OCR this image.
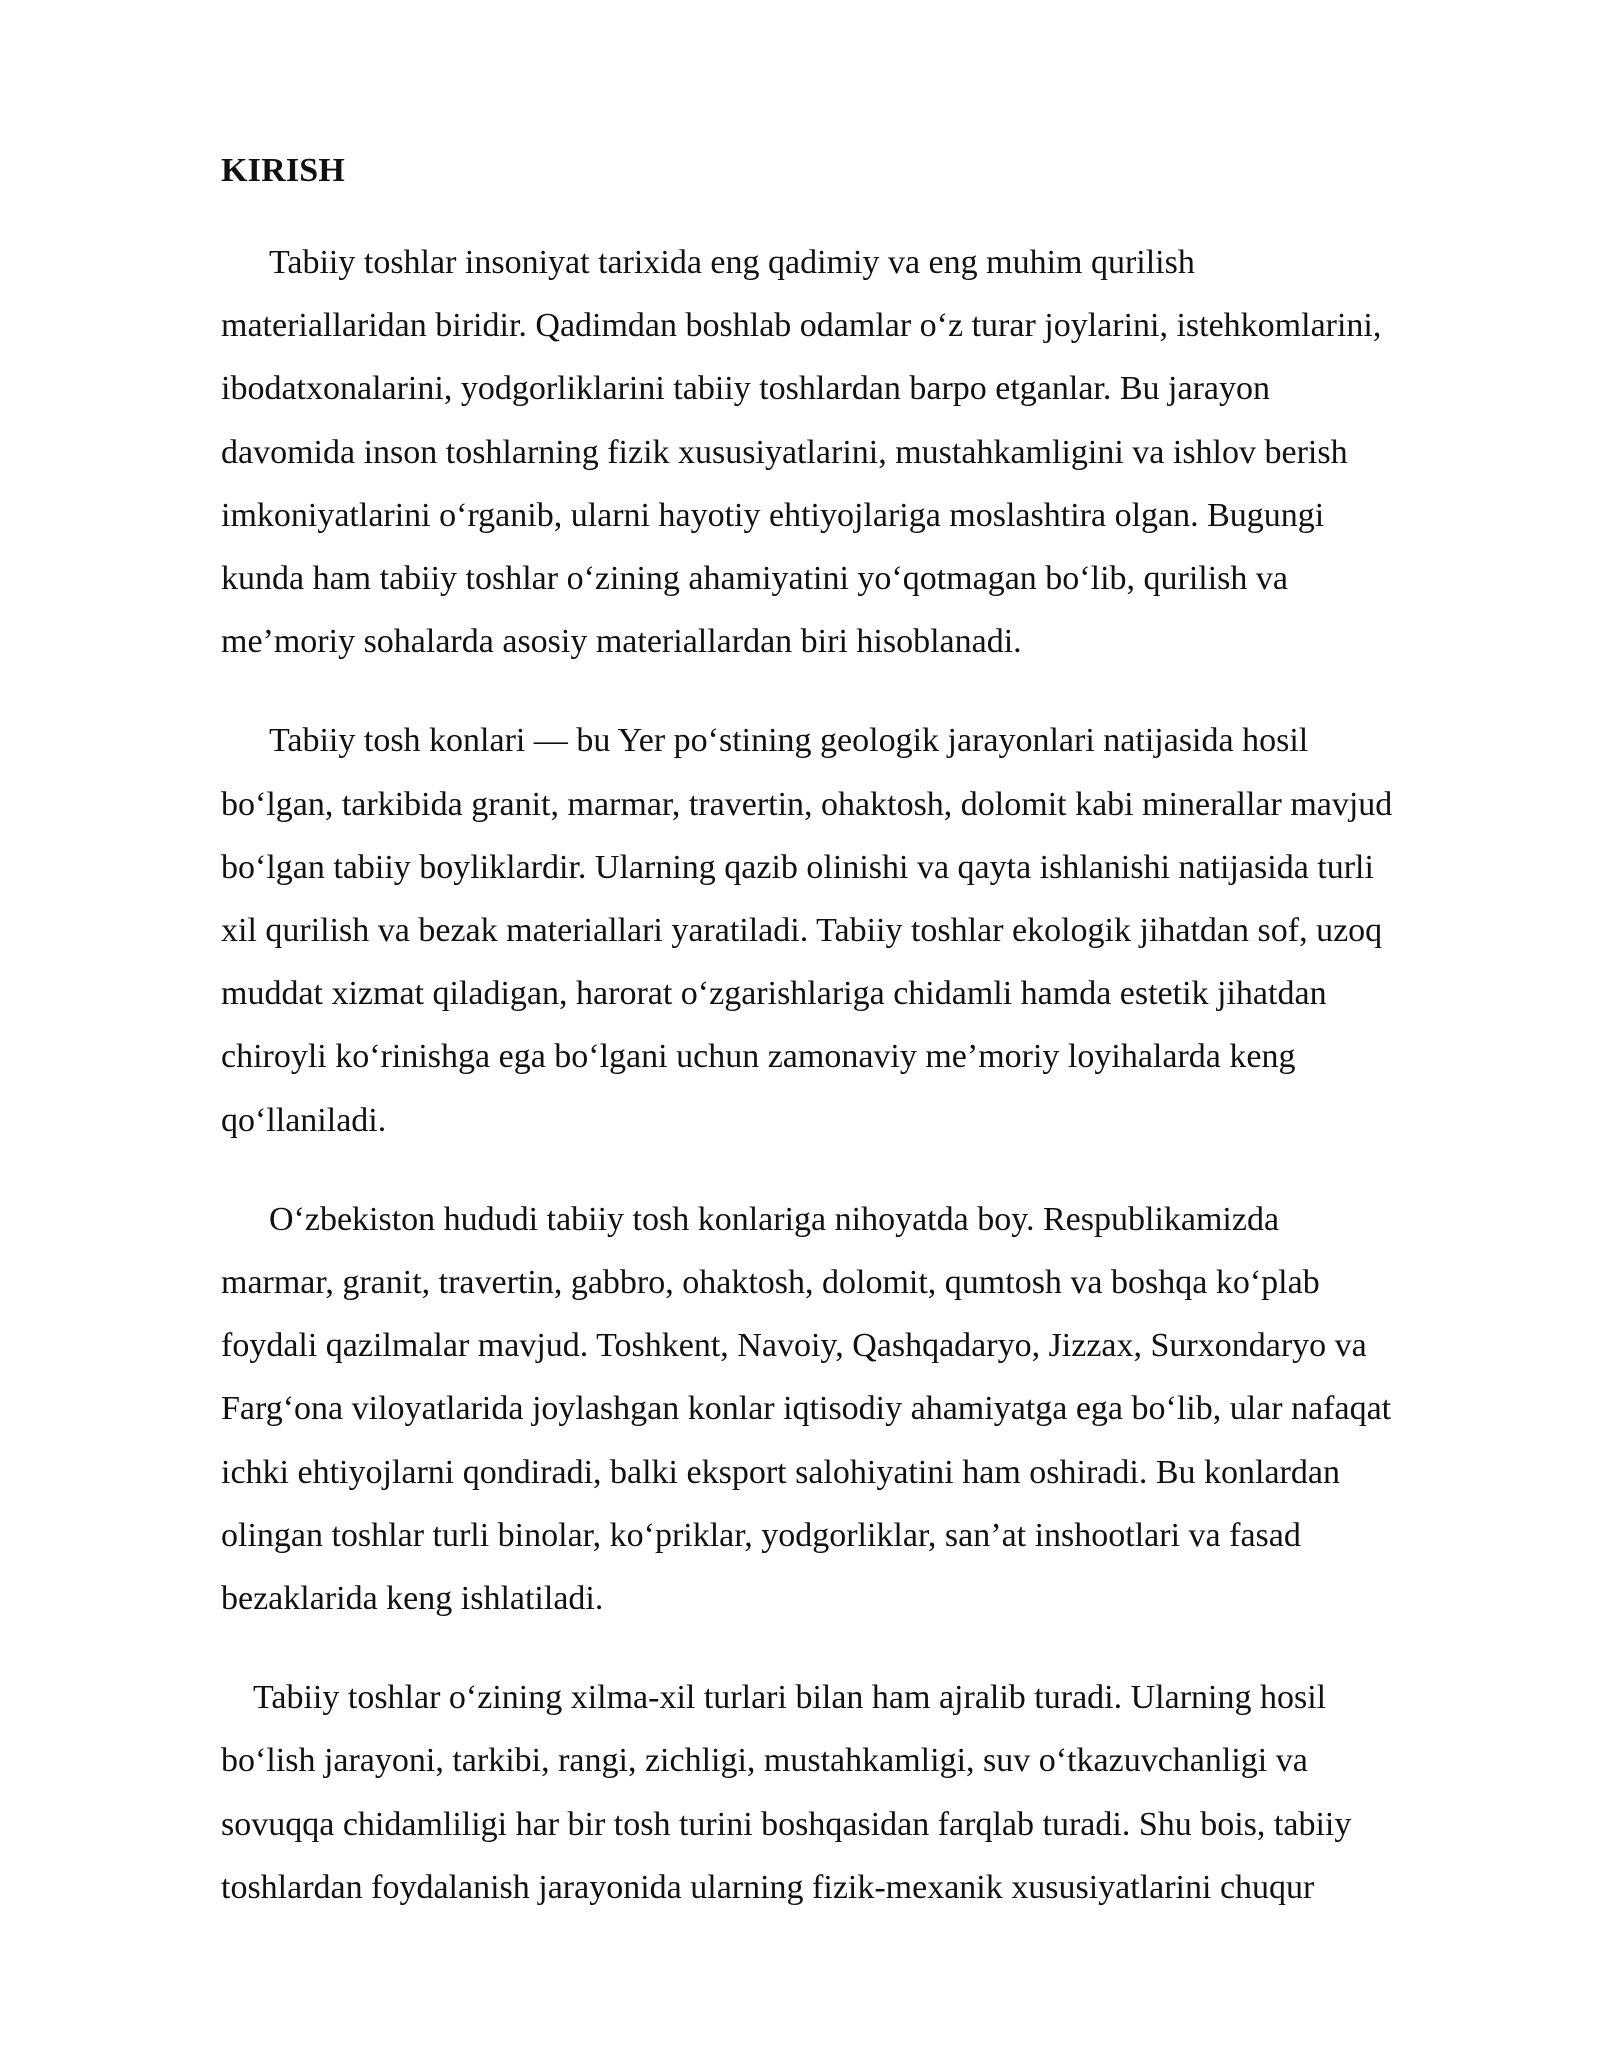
KIRISH

Tabiiy toshlar insoniyat tarixida eng qadimiy va eng muhim qurilish
materiallaridan biridir. Qadimdan boshlab odamlar o‘z turar joylarini, istehkomlarini,
ibodatxonalarini, yodgorliklarini tabiiy toshlardan barpo etganlar. Bu jarayon
davomida inson toshlarning fizik xususiyatlarini, mustahkamligini va ishlov berish
imkoniyatlarini o‘rganib, ularni hayotiy ehtiyojlariga moslashtira olgan. Bugungi
kunda ham tabiiy toshlar o‘zining ahamiyatini yo‘qotmagan bo‘lib, qurilish va
me’moriy sohalarda asosiy materiallardan biri hisoblanadi.

Tabiiy tosh konlari — bu Yer po‘stining geologik jarayonlari natijasida hosil
bo‘lgan, tarkibida granit, marmar, travertin, ohaktosh, dolomit kabi minerallar mavjud
bo‘lgan tabiiy boyliklardir. Ularning qazib olinishi va qayta ishlanishi natijasida turli
xil qurilish va bezak materiallari yaratiladi. Tabiiy toshlar ekologik jihatdan sof, uzoq
muddat xizmat qiladigan, harorat o‘zgarishlariga chidamli hamda estetik jihatdan
chiroyli ko‘rinishga ega bo‘lgani uchun zamonaviy me’moriy loyihalarda keng
qo‘llaniladi.

O‘zbekiston hududi tabiiy tosh konlariga nihoyatda boy. Respublikamizda
marmar, granit, travertin, gabbro, ohaktosh, dolomit, qumtosh va boshqa ko‘plab
foydali qazilmalar mavjud. Toshkent, Navoiy, Qashqadaryo, Jizzax, Surxondaryo va
Farg‘ona viloyatlarida joylashgan konlar iqtisodiy ahamiyatga ega bo‘lib, ular nafaqat
ichki ehtiyojlarni qondiradi, balki eksport salohiyatini ham oshiradi. Bu konlardan
olingan toshlar turli binolar, ko‘priklar, yodgorliklar, san’at inshootlari va fasad
bezaklarida keng ishlatiladi.

Tabiiy toshlar o‘zining xilma-xil turlari bilan ham ajralib turadi. Ularning hosil
bo‘lish jarayoni, tarkibi, rangi, zichligi, mustahkamligi, suv o‘tkazuvchanligi va
sovuqqa chidamliligi har bir tosh turini boshqasidan farqlab turadi. Shu bois, tabiiy
toshlardan foydalanish jarayonida ularning fizik-mexanik xususiyatlarini chuqur
